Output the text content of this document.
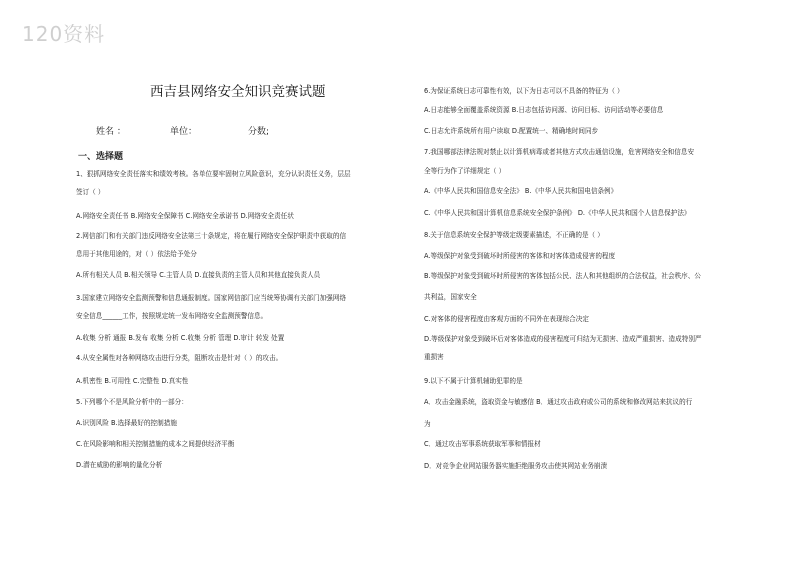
120资料
西吉县网络安全知识竞赛试题
姓名 ：	单位：	分数;
一、选择题
1、狠抓网络安全责任落实和绩效考核。各单位要牢固树立风险意识，充分认识责任义务，层层
签订（ ）
A.网络安全责任书 B.网络安全保障书 C.网络安全承诺书 D.网络安全责任状
2.网信部门和有关部门违反网络安全法第三十条规定，将在履行网络安全保护职责中获取的信
息用于其他用途的，对（ ）依法给予处分
A.所有相关人员 B.相关领导 C.主管人员 D.直接负责的主管人员和其他直接负责人员
3.国家建立网络安全监测预警和信息通报制度。国家网信部门应当统筹协调有关部门加强网络
安全信息______工作，按照规定统一发布网络安全监测预警信息。
A.收集 分析 通报 B.发布 收集 分析 C.收集 分析 管理 D.审计 转发 处置
4.从安全属性对各种网络攻击进行分类，阻断攻击是针对（ ）的攻击。
A.机密性 B.可用性 C.完整性 D.真实性
5.下列哪个不是风险分析中的一部分：
A.识别风险 B.选择最好的控制措施
C.在风险影响和相关控制措施的成本之间提供经济平衡
D.潜在威胁的影响的量化分析
6.为保证系统日志可靠性有效，以下为日志可以不具备的特征为（ ）
A.日志能够全面覆盖系统资源 B.日志包括访问源、访问目标、访问活动等必要信息
C.日志允许系统所有用户读取 D.配置统一、精确地时间同步
7.我国哪部法律法规对禁止以计算机病毒或者其他方式攻击通信设施，危害网络安全和信息安
全等行为作了详细规定（ ）
A.《中华人民共和国信息安全法》 B.《中华人民共和国电信条例》
C.《中华人民共和国计算机信息系统安全保护条例》 D.《中华人民共和国个人信息保护法》
8.关于信息系统安全保护等级定级要素描述，不正确的是（ ）
A.等级保护对象受到破坏时所侵害的客体和对客体造成侵害的程度
B.等级保护对象受到破坏时所侵害的客体包括公民、法人和其他组织的合法权益，社会秩序、公
共利益，国家安全
C.对客体的侵害程度由客观方面的不同外在表现综合决定
D.等级保护对象受到破坏后对客体造成的侵害程度可归结为无损害、造成严重损害、造成特别严
重损害
9.以下不属于计算机辅助犯罪的是
A．攻击金融系统，盗取资金与敏感信 B．通过攻击政府或公司的系统和修改网站来抗议的行
为
C．通过攻击军事系统获取军事和情报材
D．对竞争企业网站服务器实施拒绝服务攻击使其网站业务崩溃
